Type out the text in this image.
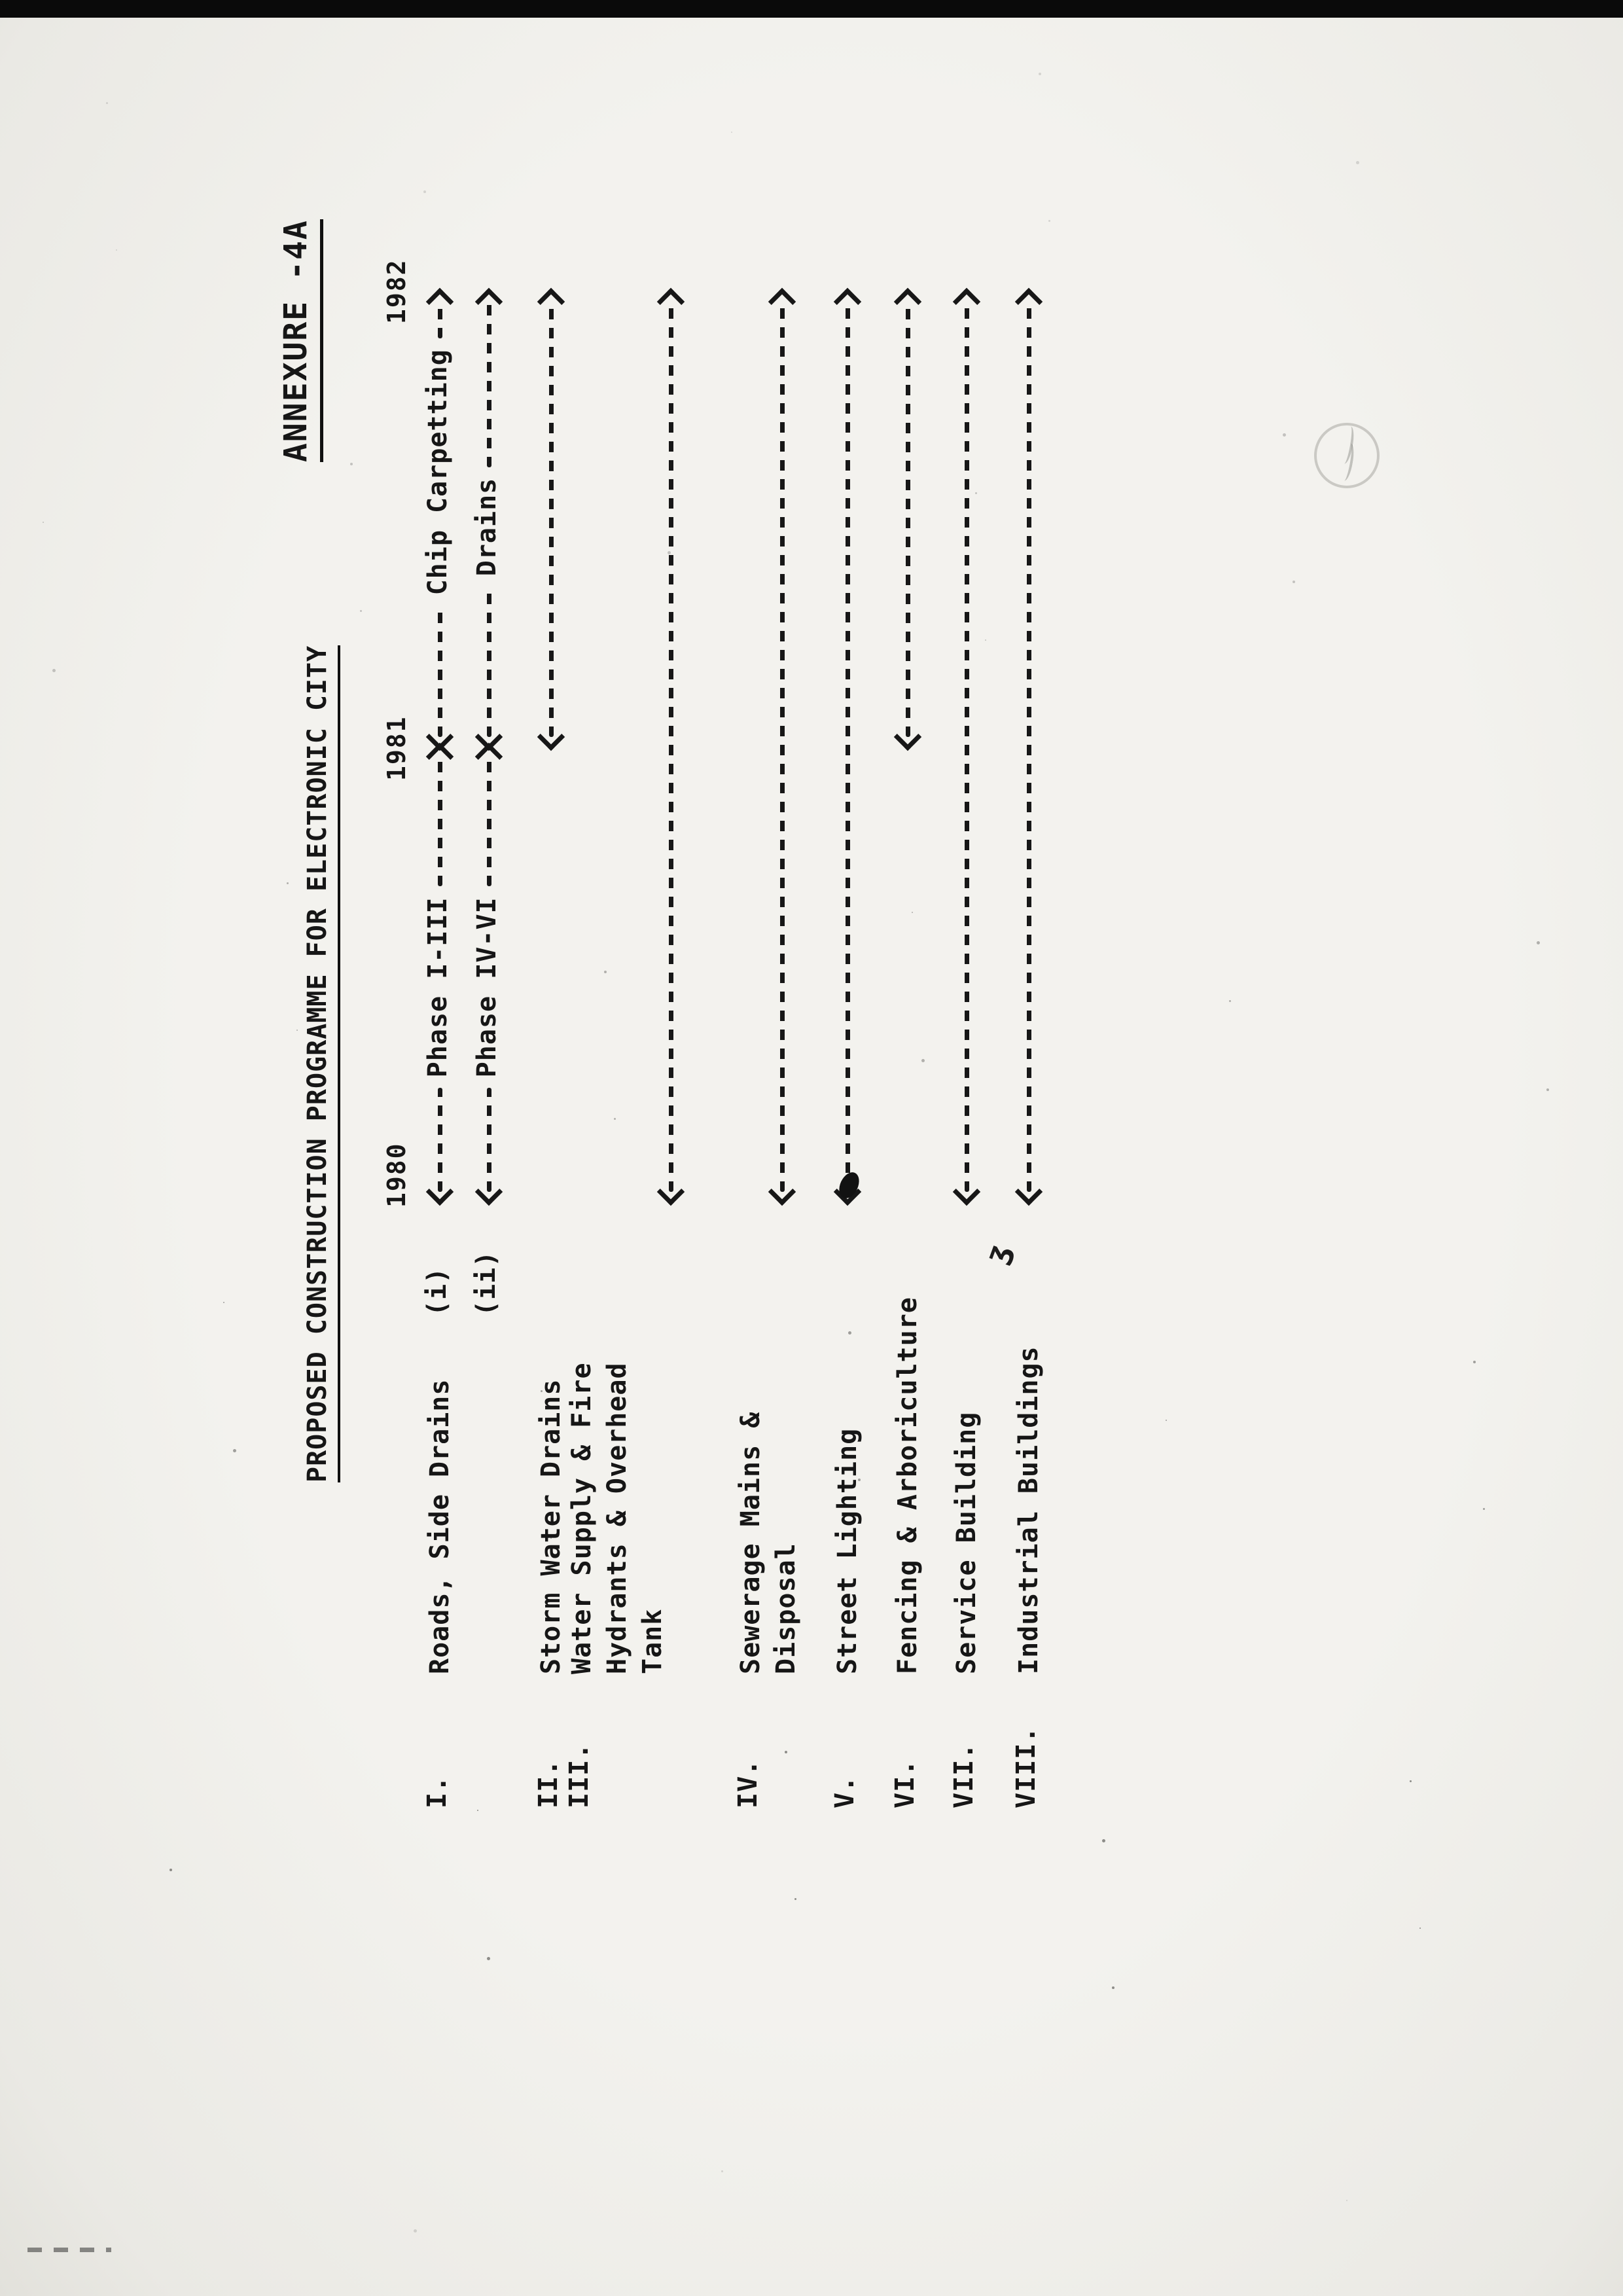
ANNEXURE -4A
PROPOSED CONSTRUCTION PROGRAMME FOR ELECTRONIC CITY 1980
1981
1982
I.
Roads, Side Drains
(i)
Phase I-III
Chip Carpetting
(ii)
Phase IV-VI
Drains
II.
Storm Water Drains
III.
Water Supply & Fire Hydrants & Overhead Tank
IV.
Sewerage Mains & Disposal
V.
Street Lighting
VI.
Fencing & Arboriculture
VII.
Service Building
VIII.
Industrial Buildings
ʒ
